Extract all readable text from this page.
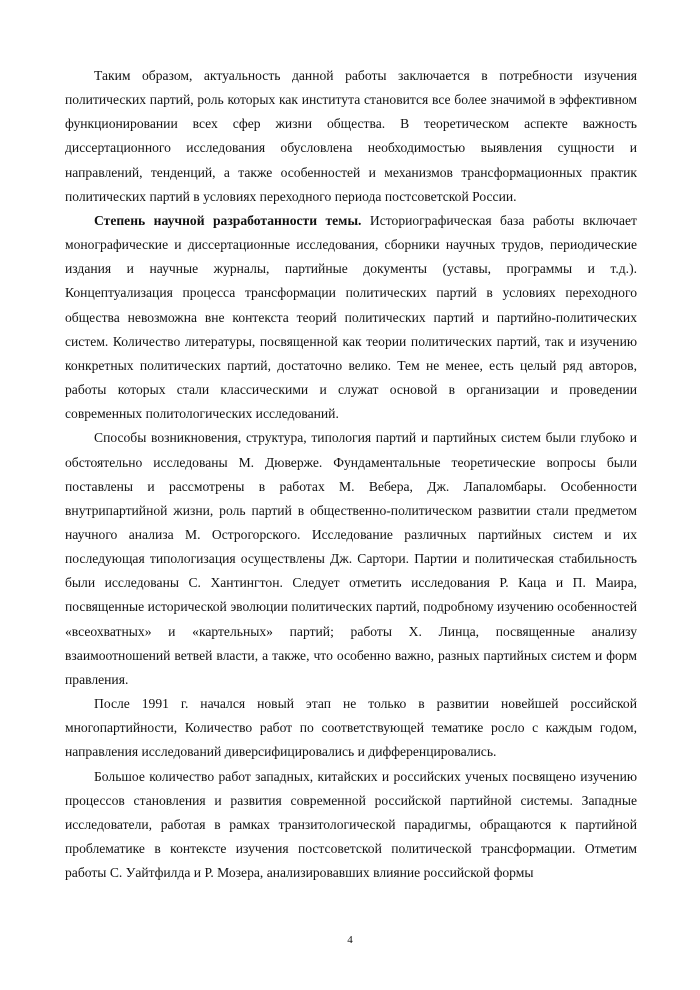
Таким образом, актуальность данной работы заключается в потребности изучения политических партий, роль которых как института становится все более значимой в эффективном функционировании всех сфер жизни общества. В теоретическом аспекте важность диссертационного исследования обусловлена необходимостью выявления сущности и направлений, тенденций, а также особенностей и механизмов трансформационных практик политических партий в условиях переходного периода постсоветской России.

Степень научной разработанности темы. Историографическая база работы включает монографические и диссертационные исследования, сборники научных трудов, периодические издания и научные журналы, партийные документы (уставы, программы и т.д.). Концептуализация процесса трансформации политических партий в условиях переходного общества невозможна вне контекста теорий политических партий и партийно-политических систем. Количество литературы, посвященной как теории политических партий, так и изучению конкретных политических партий, достаточно велико. Тем не менее, есть целый ряд авторов, работы которых стали классическими и служат основой в организации и проведении современных политологических исследований.

Способы возникновения, структура, типология партий и партийных систем были глубоко и обстоятельно исследованы М. Дюверже. Фундаментальные теоретические вопросы были поставлены и рассмотрены в работах М. Вебера, Дж. Лапаломбары. Особенности внутрипартийной жизни, роль партий в общественно-политическом развитии стали предметом научного анализа М. Острогорского. Исследование различных партийных систем и их последующая типологизация осуществлены Дж. Сартори. Партии и политическая стабильность были исследованы С. Хантингтон. Следует отметить исследования Р. Каца и П. Маира, посвященные исторической эволюции политических партий, подробному изучению особенностей «всеохватных» и «картельных» партий; работы Х. Линца, посвященные анализу взаимоотношений ветвей власти, а также, что особенно важно, разных партийных систем и форм правления.

После 1991 г. начался новый этап не только в развитии новейшей российской многопартийности, Количество работ по соответствующей тематике росло с каждым годом, направления исследований диверсифицировались и дифференцировались.

Большое количество работ западных, китайских и российских ученых посвящено изучению процессов становления и развития современной российской партийной системы. Западные исследователи, работая в рамках транзитологической парадигмы, обращаются к партийной проблематике в контексте изучения постсоветской политической трансформации. Отметим работы С. Уайтфилда и Р. Мозера, анализировавших влияние российской формы

4
